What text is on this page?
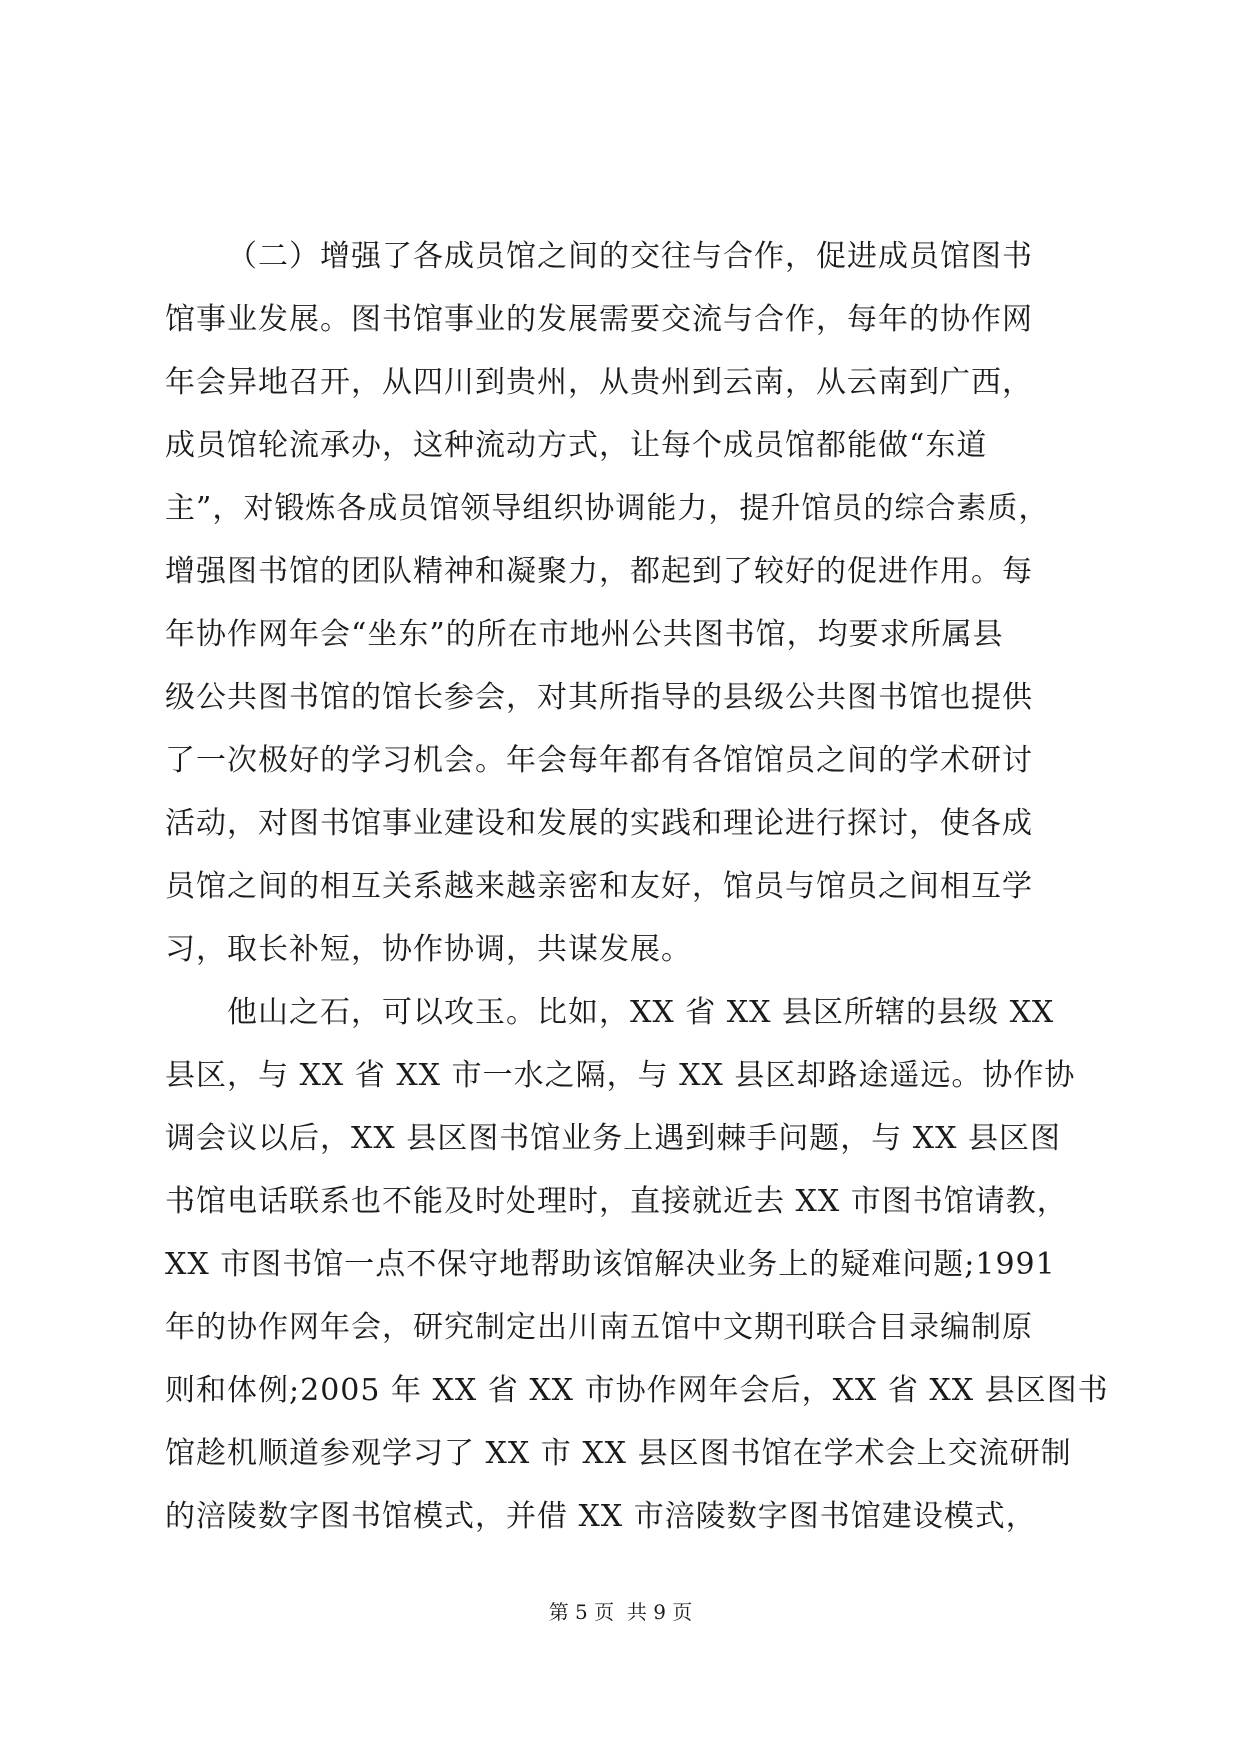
（二）增强了各成员馆之间的交往与合作，促进成员馆图书
馆事业发展。图书馆事业的发展需要交流与合作，每年的协作网
年会异地召开，从四川到贵州，从贵州到云南，从云南到广西，
成员馆轮流承办，这种流动方式，让每个成员馆都能做“东道
主”，对锻炼各成员馆领导组织协调能力，提升馆员的综合素质，
增强图书馆的团队精神和凝聚力，都起到了较好的促进作用。每
年协作网年会“坐东”的所在市地州公共图书馆，均要求所属县
级公共图书馆的馆长参会，对其所指导的县级公共图书馆也提供
了一次极好的学习机会。年会每年都有各馆馆员之间的学术研讨
活动，对图书馆事业建设和发展的实践和理论进行探讨，使各成
员馆之间的相互关系越来越亲密和友好，馆员与馆员之间相互学
习，取长补短，协作协调，共谋发展。
他山之石，可以攻玉。比如，XX 省 XX 县区所辖的县级 XX
县区，与 XX 省 XX 市一水之隔，与 XX 县区却路途遥远。协作协
调会议以后，XX 县区图书馆业务上遇到棘手问题，与 XX 县区图
书馆电话联系也不能及时处理时，直接就近去 XX 市图书馆请教，
XX 市图书馆一点不保守地帮助该馆解决业务上的疑难问题;1991
年的协作网年会，研究制定出川南五馆中文期刊联合目录编制原
则和体例;2005 年 XX 省 XX 市协作网年会后，XX 省 XX 县区图书
馆趁机顺道参观学习了 XX 市 XX 县区图书馆在学术会上交流研制
的涪陵数字图书馆模式，并借 XX 市涪陵数字图书馆建设模式，
第 5 页  共 9 页
